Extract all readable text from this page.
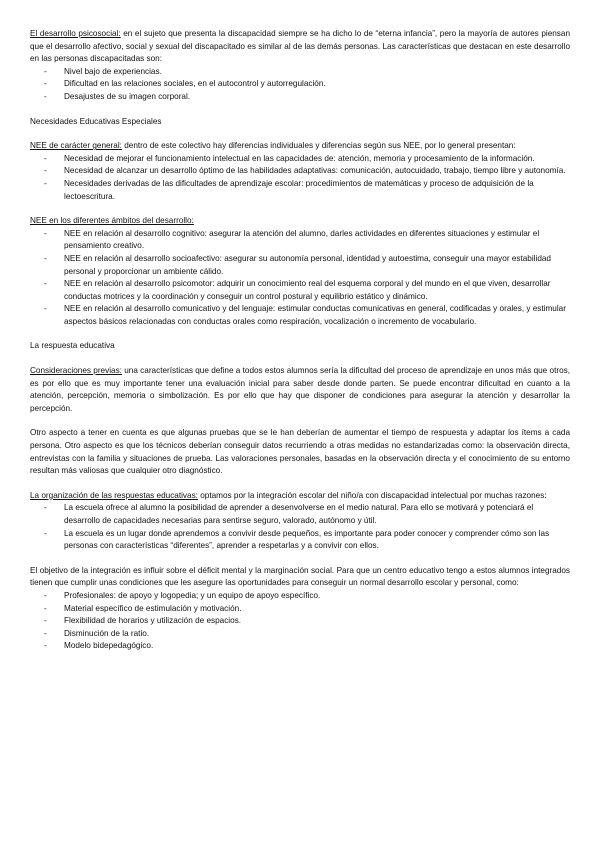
El desarrollo psicosocial: en el sujeto que presenta la discapacidad siempre se ha dicho lo de “eterna infancia”, pero la mayoría de autores piensan que el desarrollo afectivo, social y sexual del discapacitado es similar al de las demás personas. Las características que destacan en este desarrollo en las personas discapacitadas son:

- Nivel bajo de experiencias.
- Dificultad en las relaciones sociales, en el autocontrol y autorregulación.
- Desajustes de su imagen corporal.

Necesidades Educativas Especiales

NEE de carácter general: dentro de este colectivo hay diferencias individuales y diferencias según sus NEE, por lo general presentan:

- Necesidad de mejorar el funcionamiento intelectual en las capacidades de: atención, memoria y procesamiento de la información.
- Necesidad de alcanzar un desarrollo óptimo de las habilidades adaptativas: comunicación, autocuidado, trabajo, tiempo libre y autonomía.
- Necesidades derivadas de las dificultades de aprendizaje escolar: procedimientos de matemáticas y proceso de adquisición de la lectoescritura.

NEE en los diferentes ámbitos del desarrollo:

- NEE en relación al desarrollo cognitivo: asegurar la atención del alumno, darles actividades en diferentes situaciones y estimular el pensamiento creativo.
- NEE en relación al desarrollo socioafectivo: asegurar su autonomía personal, identidad y autoestima, conseguir una mayor estabilidad personal y proporcionar un ambiente cálido.
- NEE en relación al desarrollo psicomotor: adquirir un conocimiento real del esquema corporal y del mundo en el que viven, desarrollar conductas motrices y la coordinación y conseguir un control postural y equilibrio estático y dinámico.
- NEE en relación al desarrollo comunicativo y del lenguaje: estimular conductas comunicativas en general, codificadas y orales, y estimular aspectos básicos relacionadas con conductas orales como respiración, vocalización o incremento de vocabulario.

La respuesta educativa

Consideraciones previas: una características que define a todos estos alumnos sería la dificultad del proceso de aprendizaje en unos más que otros, es por ello que es muy importante tener una evaluación inicial para saber desde donde parten. Se puede encontrar dificultad en cuanto a la atención, percepción, memoria o simbolización. Es por ello que hay que disponer de condiciones para asegurar la atención y desarrollar la percepción.

Otro aspecto a tener en cuenta es que algunas pruebas que se le han deberían de aumentar el tiempo de respuesta y adaptar los ítems a cada persona. Otro aspecto es que los técnicos deberían conseguir datos recurriendo a otras medidas no estandarizadas como: la observación directa, entrevistas con la familia y situaciones de prueba. Las valoraciones personales, basadas en la observación directa y el conocimiento de su entorno resultan más valiosas que cualquier otro diagnóstico.

La organización de las respuestas educativas: optamos por la integración escolar del niño/a con discapacidad intelectual por muchas razones:

- La escuela ofrece al alumno la posibilidad de aprender a desenvolverse en el medio natural. Para ello se motivará y potenciará el desarrollo de capacidades necesarias para sentirse seguro, valorado, autónomo y útil.
- La escuela es un lugar donde aprendemos a convivir desde pequeños, es importante para poder conocer y comprender cómo son las personas con características “diferentes”, aprender a respetarlas y a convivir con ellos.

El objetivo de la integración es influir sobre el déficit mental y la marginación social. Para que un centro educativo tengo a estos alumnos integrados tienen que cumplir unas condiciones que les asegure las oportunidades para conseguir un normal desarrollo escolar y personal, como:

- Profesionales: de apoyo y logopedia; y un equipo de apoyo específico.
- Material específico de estimulación y motivación.
- Flexibilidad de horarios y utilización de espacios.
- Disminución de la ratio.
- Modelo bidepedagógico.
